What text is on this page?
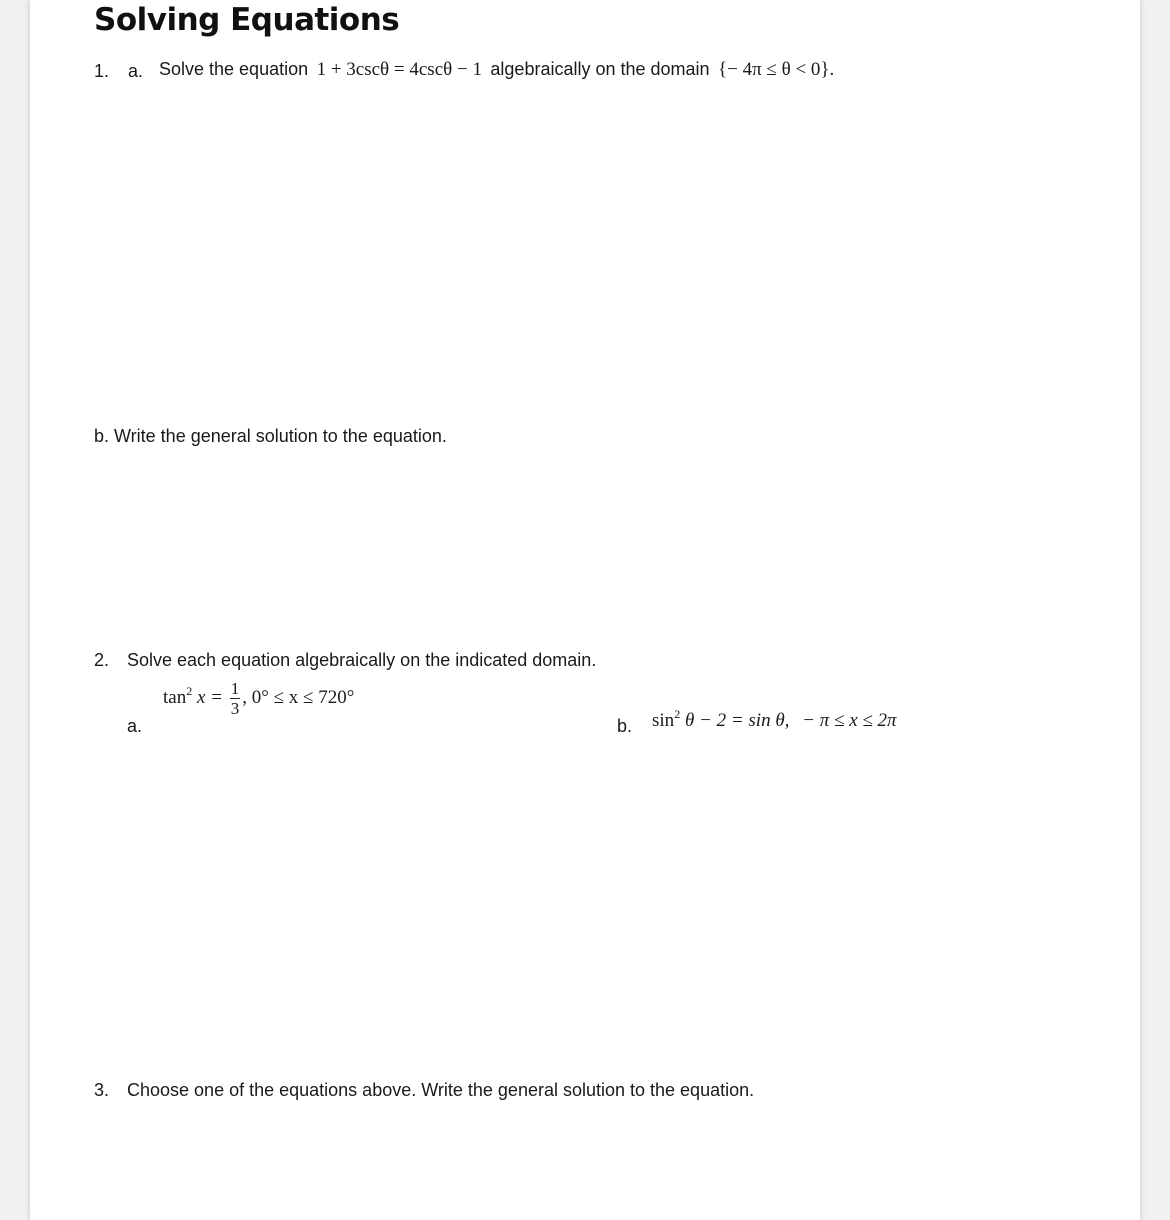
Solving Equations
1. a. Solve the equation 1 + 3cscθ = 4cscθ − 1 algebraically on the domain {− 4π ≤ θ < 0}.
b. Write the general solution to the equation.
2. Solve each equation algebraically on the indicated domain.
a.
$\tan^2 x = \frac{1}{3}$ , 0° ≤ x ≤ 720°
b. $\sin^2 \theta - 2 = \sin \theta$, − π ≤ x ≤ 2π
3. Choose one of the equations above. Write the general solution to the equation.
